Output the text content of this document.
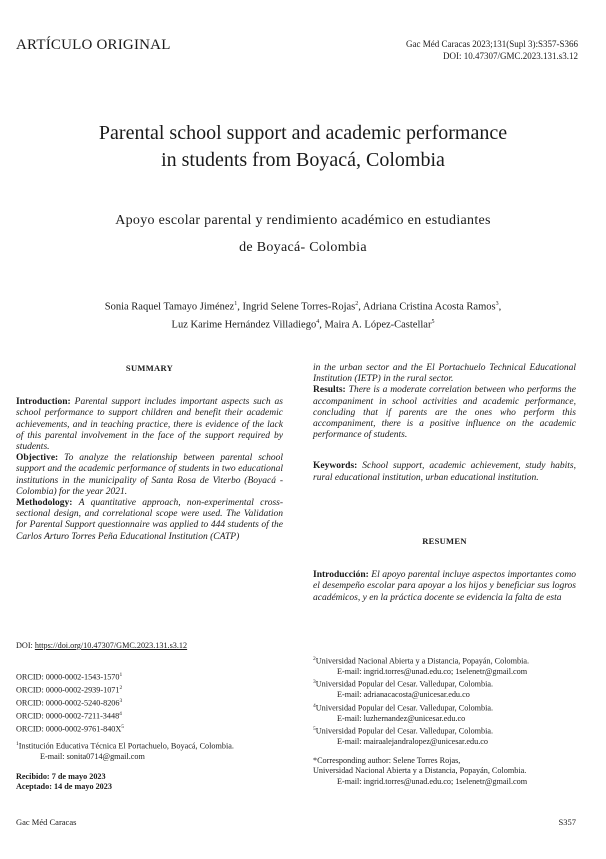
ARTÍCULO ORIGINAL	Gac Méd Caracas 2023;131(Supl 3):S357-S366
DOI: 10.47307/GMC.2023.131.s3.12
Parental school support and academic performance
in students from Boyacá, Colombia
Apoyo escolar parental y rendimiento académico en estudiantes
de Boyacá- Colombia
Sonia Raquel Tamayo Jiménez$^1$, Ingrid Selene Torres-Rojas$^2$, Adriana Cristina Acosta Ramos$^3$,
Luz Karime Hernández Villadiego$^4$, Maira A. López-Castellar$^5$
SUMMARY

Introduction: Parental support includes important aspects such as school performance to support children and benefit their academic achievements, and in teaching practice, there is evidence of the lack of this parental involvement in the face of the support required by students.

Objective: To analyze the relationship between parental school support and the academic performance of students in two educational institutions in the municipality of Santa Rosa de Viterbo (Boyacá - Colombia) for the year 2021.

Methodology: A quantitative approach, non-experimental cross-sectional design, and correlational scope were used. The Validation for Parental Support questionnaire was applied to 444 students of the Carlos Arturo Torres Peña Educational Institution (CATP)

DOI: https://doi.org/10.47307/GMC.2023.131.s3.12
ORCID: 0000-0002-1543-1570$^1$
ORCID: 0000-0002-2939-1071$^2$
ORCID: 0000-0002-5240-8206$^3$
ORCID: 0000-0002-7211-3448$^4$
ORCID: $0000-0002-9761-840X^5$
$^1$Institución Educativa Técnica El Portachuelo, Boyacá, Colombia.
E-mail: sonita0714@gmail.com
Recibido: 7 de mayo 2023
Aceptado: 14 de mayo 2023

in the urban sector and the El Portachuelo Technical Educational Institution (IETP) in the rural sector.

Results: There is a moderate correlation between who performs the accompaniment in school activities and academic performance, concluding that if parents are the ones who perform this accompaniment, there is a positive influence on the academic performance of students.

Keywords: School support, academic achievement, study habits, rural educational institution, urban educational institution.

RESUMEN

Introducción: El apoyo parental incluye aspectos importantes como el desempeño escolar para apoyar a los hijos y beneficiar sus logros académicos, y en la práctica docente se evidencia la falta de esta

$^2$Universidad Nacional Abierta y a Distancia, Popayán, Colombia.
E-mail: ingrid.torres@unad.edu.co; 1selenetr@gmail.com
$^3$Universidad Popular del Cesar. Valledupar, Colombia.
E-mail: adrianacacosta@unicesar.edu.co
$^4$Universidad Popular del Cesar. Valledupar, Colombia.
E-mail: luzhernandez@unicesar.edu.co
$^5$Universidad Popular del Cesar. Valledupar, Colombia.
E-mail: mairaalejandralopez@unicesar.edu.co
*Corresponding author: Selene Torres Rojas,
Universidad Nacional Abierta y a Distancia, Popayán, Colombia.
E-mail: ingrid.torres@unad.edu.co; 1selenetr@gmail.com
Gac Méd Caracas	S357
